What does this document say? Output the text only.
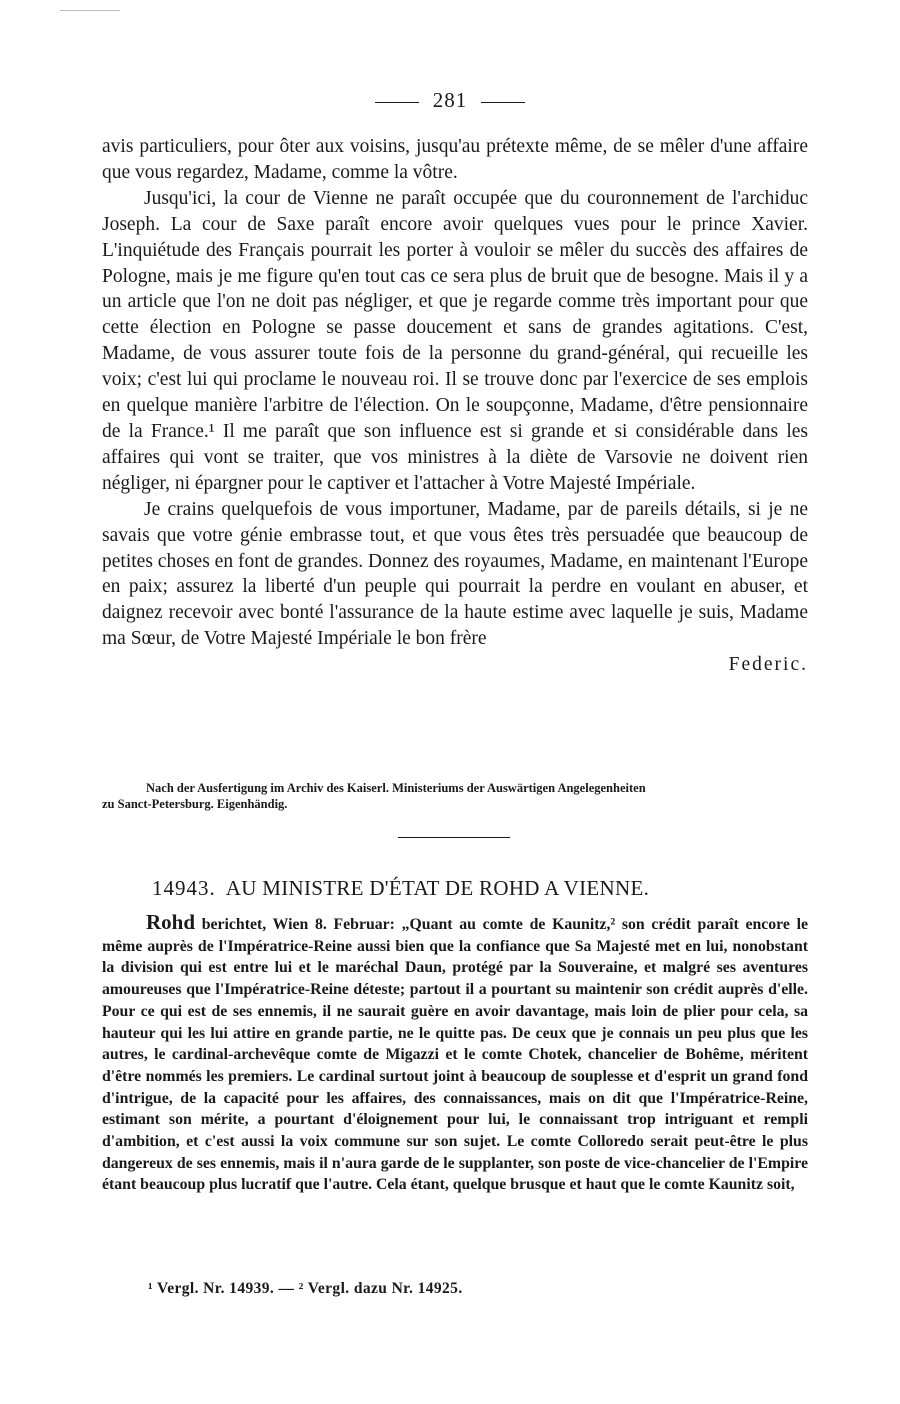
281

avis particuliers, pour ôter aux voisins, jusqu'au prétexte même, de se mêler d'une affaire que vous regardez, Madame, comme la vôtre.

Jusqu'ici, la cour de Vienne ne paraît occupée que du couronnement de l'archiduc Joseph. La cour de Saxe paraît encore avoir quelques vues pour le prince Xavier. L'inquiétude des Français pourrait les porter à vouloir se mêler du succès des affaires de Pologne, mais je me figure qu'en tout cas ce sera plus de bruit que de besogne. Mais il y a un article que l'on ne doit pas négliger, et que je regarde comme très important pour que cette élection en Pologne se passe doucement et sans de grandes agitations. C'est, Madame, de vous assurer toute fois de la personne du grand-général, qui recueille les voix; c'est lui qui proclame le nouveau roi. Il se trouve donc par l'exercice de ses emplois en quelque manière l'arbitre de l'élection. On le soupçonne, Madame, d'être pensionnaire de la France.¹ Il me paraît que son influence est si grande et si considérable dans les affaires qui vont se traiter, que vos ministres à la diète de Varsovie ne doivent rien négliger, ni épargner pour le captiver et l'attacher à Votre Majesté Impériale.

Je crains quelquefois de vous importuner, Madame, par de pareils détails, si je ne savais que votre génie embrasse tout, et que vous êtes très persuadée que beaucoup de petites choses en font de grandes. Donnez des royaumes, Madame, en maintenant l'Europe en paix; assurez la liberté d'un peuple qui pourrait la perdre en voulant en abuser, et daignez recevoir avec bonté l'assurance de la haute estime avec laquelle je suis, Madame ma Sœur, de Votre Majesté Impériale le bon frère

Federic.

Nach der Ausfertigung im Archiv des Kaiserl. Ministeriums der Auswärtigen Angelegenheiten
zu Sanct-Petersburg. Eigenhändig.
14943. AU MINISTRE D'ÉTAT DE ROHD A VIENNE.
Rohd berichtet, Wien 8. Februar: „Quant au comte de Kaunitz,² son crédit paraît encore le même auprès de l'Impératrice-Reine aussi bien que la confiance que Sa Majesté met en lui, nonobstant la division qui est entre lui et le maréchal Daun, protégé par la Souveraine, et malgré ses aventures amoureuses que l'Impératrice-Reine déteste; partout il a pourtant su maintenir son crédit auprès d'elle. Pour ce qui est de ses ennemis, il ne saurait guère en avoir davantage, mais loin de plier pour cela, sa hauteur qui les lui attire en grande partie, ne le quitte pas. De ceux que je connais un peu plus que les autres, le cardinal-archevêque comte de Migazzi et le comte Chotek, chancelier de Bohême, méritent d'être nommés les premiers. Le cardinal surtout joint à beaucoup de souplesse et d'esprit un grand fond d'intrigue, de la capacité pour les affaires, des connaissances, mais on dit que l'Impératrice-Reine, estimant son mérite, a pourtant d'éloignement pour lui, le connaissant trop intriguant et rempli d'ambition, et c'est aussi la voix commune sur son sujet. Le comte Colloredo serait peut-être le plus dangereux de ses ennemis, mais il n'aura garde de le supplanter, son poste de vice-chancelier de l'Empire étant beaucoup plus lucratif que l'autre. Cela étant, quelque brusque et haut que le comte Kaunitz soit,
¹ Vergl. Nr. 14939. — ² Vergl. dazu Nr. 14925.
